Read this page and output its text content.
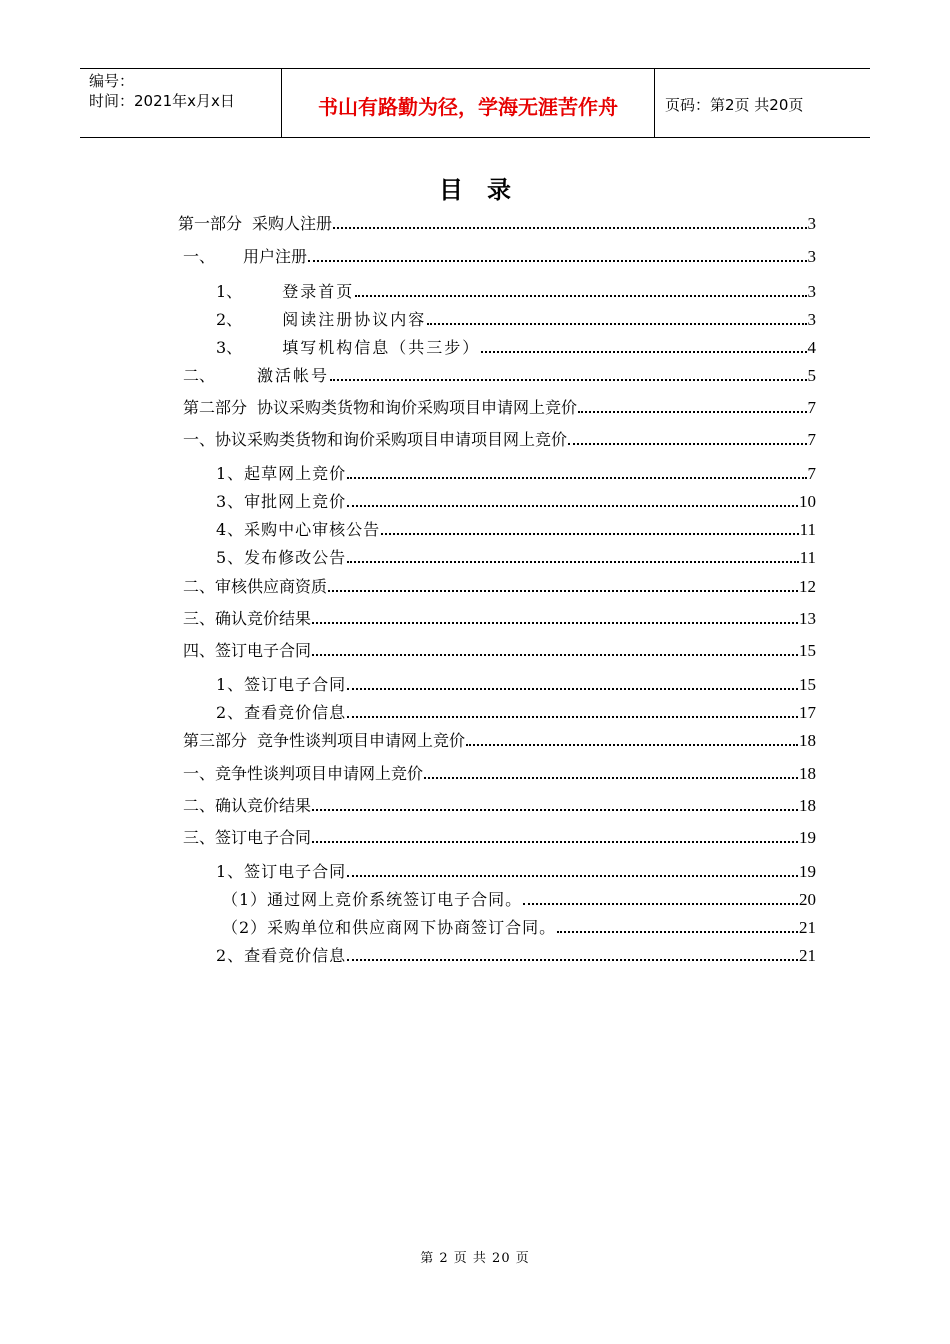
编号：
时间：2021年x月x日	书山有路勤为径，学海无涯苦作舟	页码：第2页 共20页
目录
第一部分 采购人注册	3
一、 用户注册	3
1、	登录首页	3
2、	阅读注册协议内容	3
3、	填写机构信息（共三步）	4
二、	激活帐号	5
第二部分 协议采购类货物和询价采购项目申请网上竞价	7
一、协议采购类货物和询价采购项目申请项目网上竞价	7
1、起草网上竞价	7
3、审批网上竞价	10
4、采购中心审核公告	11
5、发布修改公告	11
二、审核供应商资质	12
三、确认竞价结果	13
四、签订电子合同	15
1、签订电子合同	15
2、查看竞价信息	17
第三部分 竞争性谈判项目申请网上竞价	18
一、竞争性谈判项目申请网上竞价	18
二、确认竞价结果	18
三、签订电子合同	19
1、签订电子合同	19
（1）通过网上竞价系统签订电子合同。	20
（2）采购单位和供应商网下协商签订合同。	21
2、查看竞价信息	21
第 2 页 共 20 页
